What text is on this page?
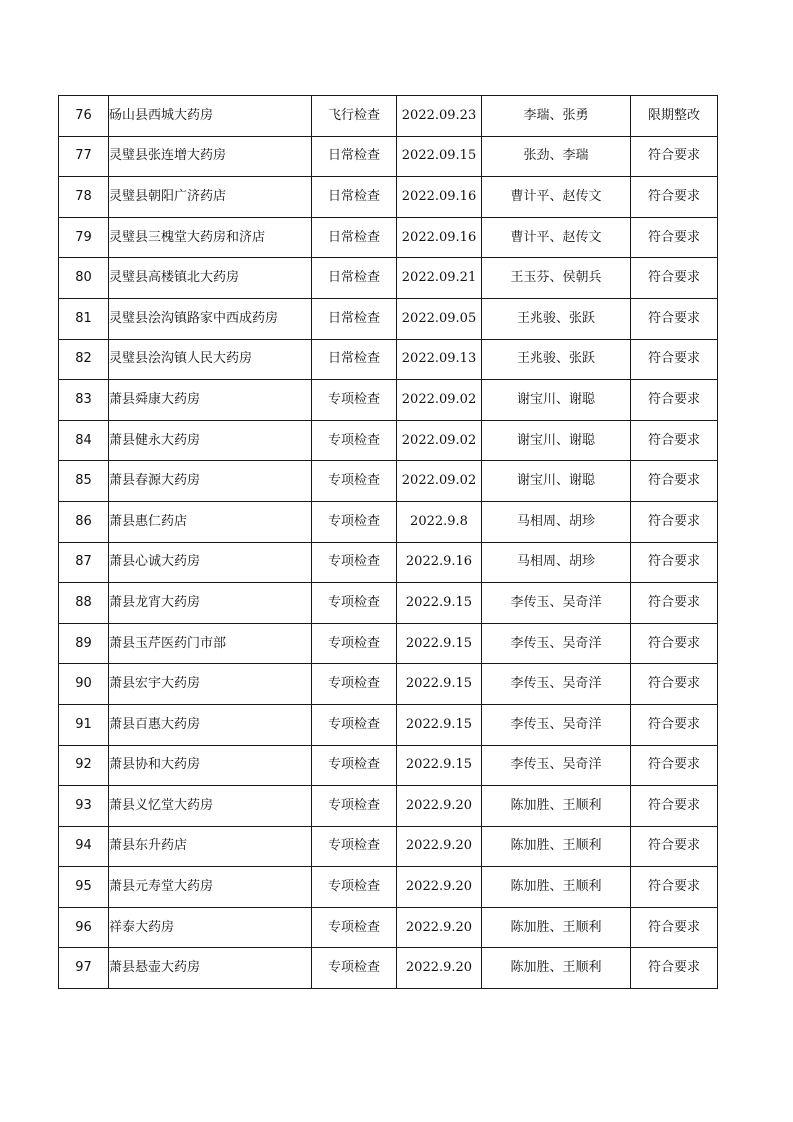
76	砀山县西城大药房	飞行检查	2022.09.23	李瑞、张勇	限期整改
77	灵璧县张连增大药房	日常检查	2022.09.15	张劲、李瑞	符合要求
78	灵璧县朝阳广济药店	日常检查	2022.09.16	曹计平、赵传文	符合要求
79	灵璧县三槐堂大药房和济店	日常检查	2022.09.16	曹计平、赵传文	符合要求
80	灵璧县高楼镇北大药房	日常检查	2022.09.21	王玉芬、侯朝兵	符合要求
81	灵璧县浍沟镇路家中西成药房	日常检查	2022.09.05	王兆骏、张跃	符合要求
82	灵璧县浍沟镇人民大药房	日常检查	2022.09.13	王兆骏、张跃	符合要求
83	萧县舜康大药房	专项检查	2022.09.02	谢宝川、谢聪	符合要求
84	萧县健永大药房	专项检查	2022.09.02	谢宝川、谢聪	符合要求
85	萧县春源大药房	专项检查	2022.09.02	谢宝川、谢聪	符合要求
86	萧县惠仁药店	专项检查	2022.9.8	马相周、胡珍	符合要求
87	萧县心诚大药房	专项检查	2022.9.16	马相周、胡珍	符合要求
88	萧县龙宵大药房	专项检查	2022.9.15	李传玉、吴奇洋	符合要求
89	萧县玉芹医药门市部	专项检查	2022.9.15	李传玉、吴奇洋	符合要求
90	萧县宏宇大药房	专项检查	2022.9.15	李传玉、吴奇洋	符合要求
91	萧县百惠大药房	专项检查	2022.9.15	李传玉、吴奇洋	符合要求
92	萧县协和大药房	专项检查	2022.9.15	李传玉、吴奇洋	符合要求
93	萧县义忆堂大药房	专项检查	2022.9.20	陈加胜、王顺利	符合要求
94	萧县东升药店	专项检查	2022.9.20	陈加胜、王顺利	符合要求
95	萧县元寿堂大药房	专项检查	2022.9.20	陈加胜、王顺利	符合要求
96	祥泰大药房	专项检查	2022.9.20	陈加胜、王顺利	符合要求
97	萧县悬壶大药房	专项检查	2022.9.20	陈加胜、王顺利	符合要求
